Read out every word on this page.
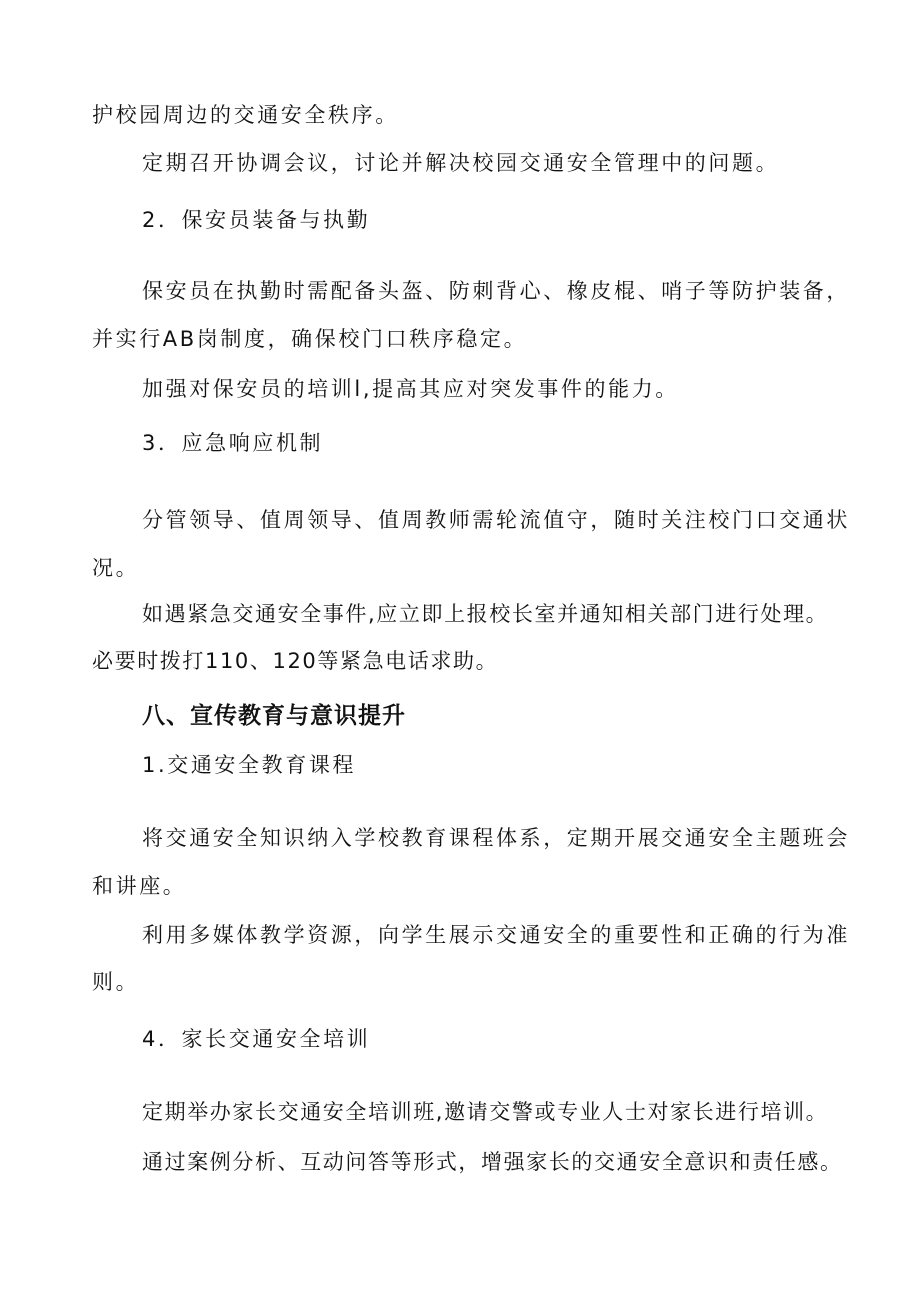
护校园周边的交通安全秩序。
定期召开协调会议，讨论并解决校园交通安全管理中的问题。
2．保安员装备与执勤
保安员在执勤时需配备头盔、防刺背心、橡皮棍、哨子等防护装备，
并实行AB岗制度，确保校门口秩序稳定。
加强对保安员的培训l,提高其应对突发事件的能力。
3．应急响应机制
分管领导、值周领导、值周教师需轮流值守，随时关注校门口交通状
况。
如遇紧急交通安全事件,应立即上报校长室并通知相关部门进行处理。
必要时拨打110、120等紧急电话求助。
八、宣传教育与意识提升
1.交通安全教育课程
将交通安全知识纳入学校教育课程体系，定期开展交通安全主题班会
和讲座。
利用多媒体教学资源，向学生展示交通安全的重要性和正确的行为准
则。
4．家长交通安全培训
定期举办家长交通安全培训班,邀请交警或专业人士对家长进行培训。
通过案例分析、互动问答等形式，增强家长的交通安全意识和责任感。
